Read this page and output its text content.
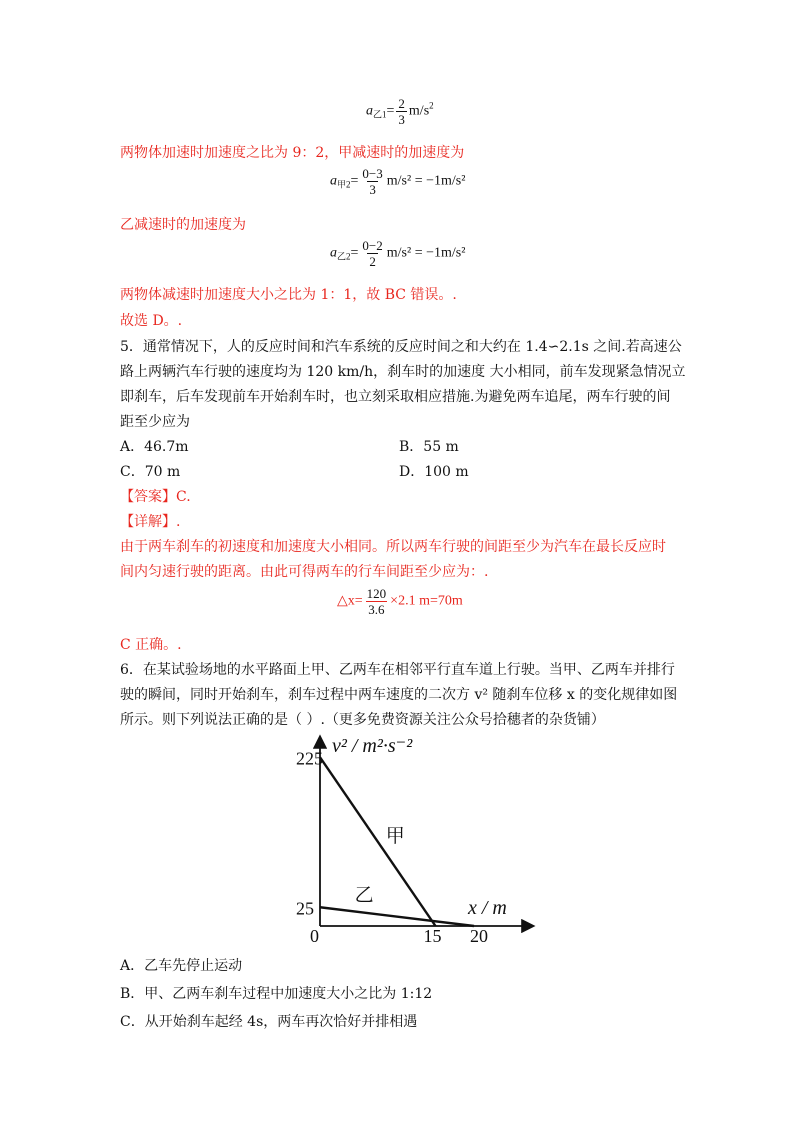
$a_{乙1}= \frac{2}{3} m/s^2$
两物体加速时加速度之比为 9：2，甲减速时的加速度为
$a_{甲2}= \frac{0-3}{3} m/s^2 = -1m/s^2$
乙减速时的加速度为
$a_{乙2}= \frac{0-2}{2} m/s^2 = -1m/s^2$
两物体减速时加速度大小之比为 1：1，故 BC 错误。.
故选 D。.
5．通常情况下，人的反应时间和汽车系统的反应时间之和大约在 1.4∽2.1s 之间.若高速公
路上两辆汽车行驶的速度均为 120 km/h，刹车时的加速度 大小相同，前车发现紧急情况立
即刹车，后车发现前车开始刹车时，也立刻采取相应措施.为避免两车追尾，两车行驶的间
距至少应为
A．46.7m	B．55 m
C．70 m	D．100 m
【答案】C.
【详解】.
由于两车刹车的初速度和加速度大小相同。所以两车行驶的间距至少为汽车在最长反应时
间内匀速行驶的距离。由此可得两车的行车间距至少应为：.
△x= $\frac{120}{3.6} \times 2.1$ m=70m
C 正确。.
6．在某试验场地的水平路面上甲、乙两车在相邻平行直车道上行驶。当甲、乙两车并排行
驶的瞬间，同时开始刹车，刹车过程中两车速度的二次方 v² 随刹车位移 x 的变化规律如图
所示。则下列说法正确的是（ ）.（更多免费资源关注公众号拾穗者的杂货铺）
v² / m²·s⁻²
x / m
0
甲
乙
225
25
15 20
A．乙车先停止运动
B．甲、乙两车刹车过程中加速度大小之比为 1:12
C．从开始刹车起经 4s，两车再次恰好并排相遇
